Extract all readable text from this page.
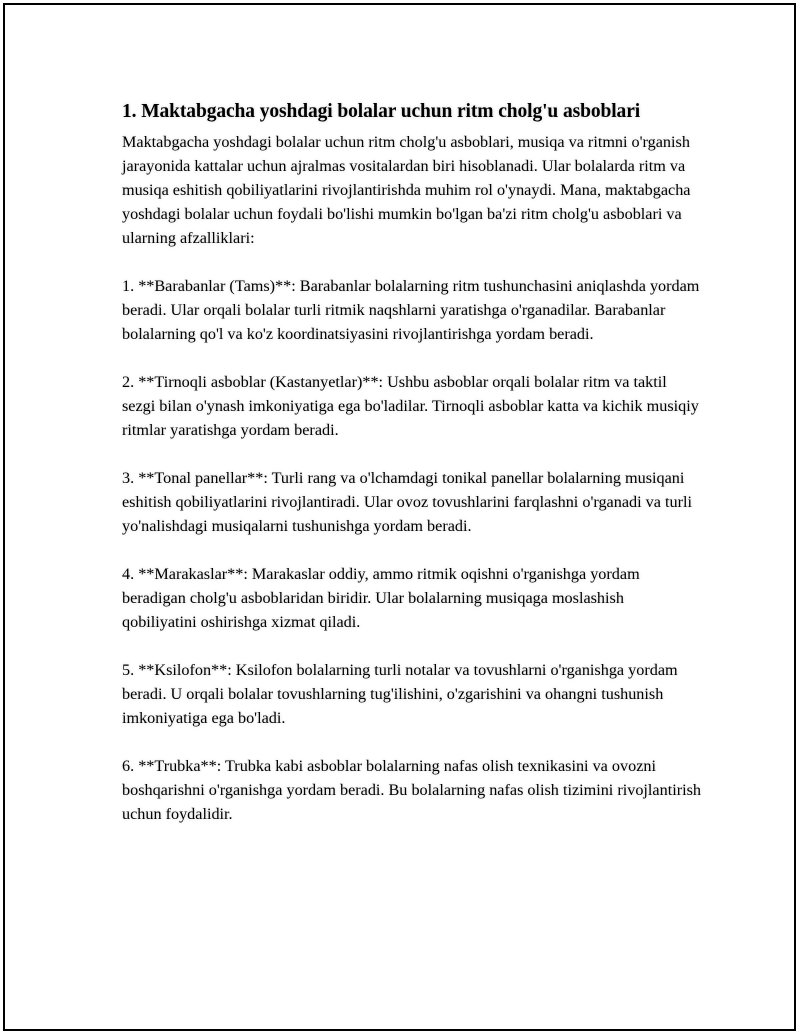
1. Maktabgacha yoshdagi bolalar uchun ritm cholg'u asboblari

Maktabgacha yoshdagi bolalar uchun ritm cholg'u asboblari, musiqa va ritmni o'rganish jarayonida kattalar uchun ajralmas vositalardan biri hisoblanadi. Ular bolalarda ritm va musiqa eshitish qobiliyatlarini rivojlantirishda muhim rol o'ynaydi. Mana, maktabgacha yoshdagi bolalar uchun foydali bo'lishi mumkin bo'lgan ba'zi ritm cholg'u asboblari va ularning afzalliklari:

1. **Barabanlar (Tams)**: Barabanlar bolalarning ritm tushunchasini aniqlashda yordam beradi. Ular orqali bolalar turli ritmik naqshlarni yaratishga o'rganadilar. Barabanlar bolalarning qo'l va ko'z koordinatsiyasini rivojlantirishga yordam beradi.

2. **Tirnoqli asboblar (Kastanyetlar)**: Ushbu asboblar orqali bolalar ritm va taktil sezgi bilan o'ynash imkoniyatiga ega bo'ladilar. Tirnoqli asboblar katta va kichik musiqiy ritmlar yaratishga yordam beradi.

3. **Tonal panellar**: Turli rang va o'lchamdagi tonikal panellar bolalarning musiqani eshitish qobiliyatlarini rivojlantiradi. Ular ovoz tovushlarini farqlashni o'rganadi va turli yo'nalishdagi musiqalarni tushunishga yordam beradi.

4. **Marakaslar**: Marakaslar oddiy, ammo ritmik oqishni o'rganishga yordam beradigan cholg'u asboblaridan biridir. Ular bolalarning musiqaga moslashish qobiliyatini oshirishga xizmat qiladi.

5. **Ksilofon**: Ksilofon bolalarning turli notalar va tovushlarni o'rganishga yordam beradi. U orqali bolalar tovushlarning tug'ilishini, o'zgarishini va ohangni tushunish imkoniyatiga ega bo'ladi.

6. **Trubka**: Trubka kabi asboblar bolalarning nafas olish texnikasini va ovozni boshqarishni o'rganishga yordam beradi. Bu bolalarning nafas olish tizimini rivojlantirish uchun foydalidir.
